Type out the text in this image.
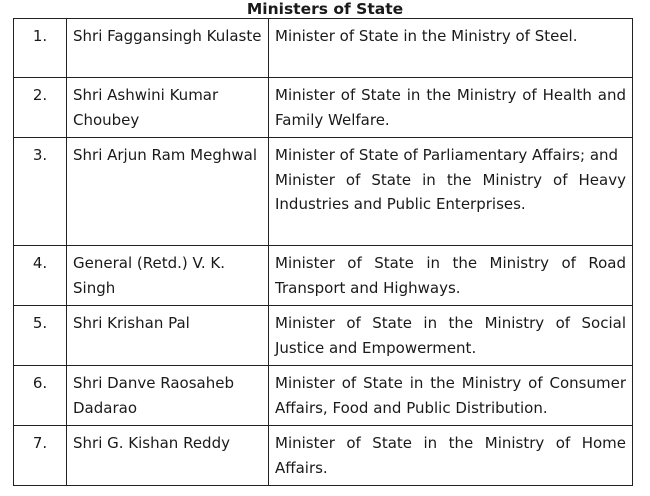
Ministers of State
1.	Shri Faggansingh Kulaste	Minister of State in the Ministry of Steel.

2.	Shri Ashwini Kumar Choubey	Minister of State in the Ministry of Health and Family Welfare.
3.	Shri Arjun Ram Meghwal	Minister of State of Parliamentary Affairs; and
Minister of State in the Ministry of Heavy Industries and Public Enterprises.

4.	General (Retd.) V. K. Singh	Minister of State in the Ministry of Road Transport and Highways.
5.	Shri Krishan Pal	Minister of State in the Ministry of Social Justice and Empowerment.
6.	Shri Danve Raosaheb Dadarao	Minister of State in the Ministry of Consumer Affairs, Food and Public Distribution.
7.	Shri G. Kishan Reddy	Minister of State in the Ministry of Home Affairs.
